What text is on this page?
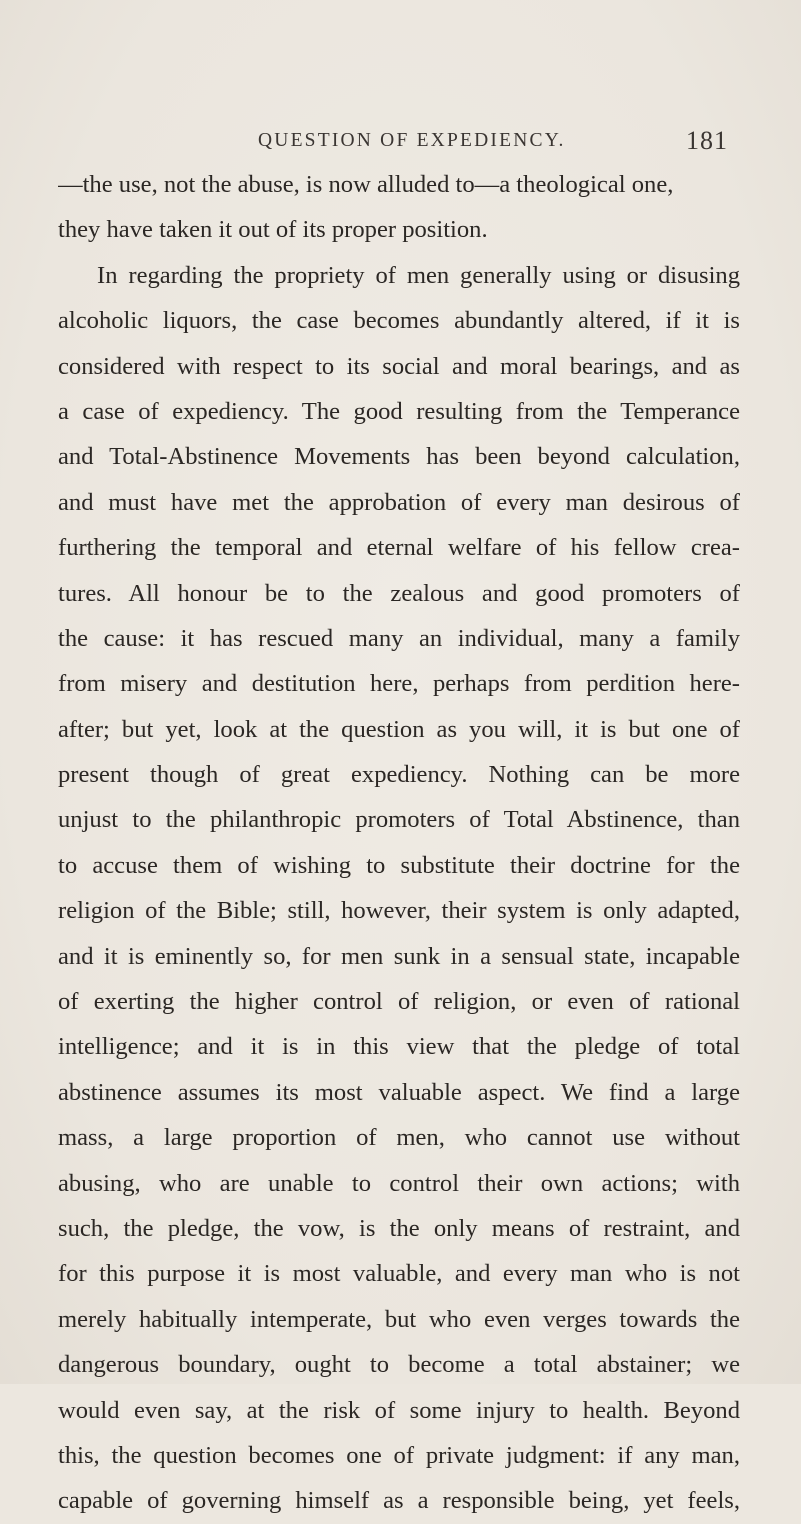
QUESTION OF EXPEDIENCY.	181
—the use, not the abuse, is now alluded to—a theological one,
they have taken it out of its proper position.
In regarding the propriety of men generally using or disusing
alcoholic liquors, the case becomes abundantly altered, if it is
considered with respect to its social and moral bearings, and as
a case of expediency. The good resulting from the Temperance
and Total-Abstinence Movements has been beyond calculation,
and must have met the approbation of every man desirous of
furthering the temporal and eternal welfare of his fellow crea-
tures. All honour be to the zealous and good promoters of
the cause: it has rescued many an individual, many a family
from misery and destitution here, perhaps from perdition here-
after; but yet, look at the question as you will, it is but one of
present though of great expediency. Nothing can be more
unjust to the philanthropic promoters of Total Abstinence, than
to accuse them of wishing to substitute their doctrine for the
religion of the Bible; still, however, their system is only adapted,
and it is eminently so, for men sunk in a sensual state, incapable
of exerting the higher control of religion, or even of rational
intelligence; and it is in this view that the pledge of total
abstinence assumes its most valuable aspect. We find a large
mass, a large proportion of men, who cannot use without
abusing, who are unable to control their own actions; with
such, the pledge, the vow, is the only means of restraint, and
for this purpose it is most valuable, and every man who is not
merely habitually intemperate, but who even verges towards the
dangerous boundary, ought to become a total abstainer; we
would even say, at the risk of some injury to health. Beyond
this, the question becomes one of private judgment: if any man,
capable of governing himself as a responsible being, yet feels,
